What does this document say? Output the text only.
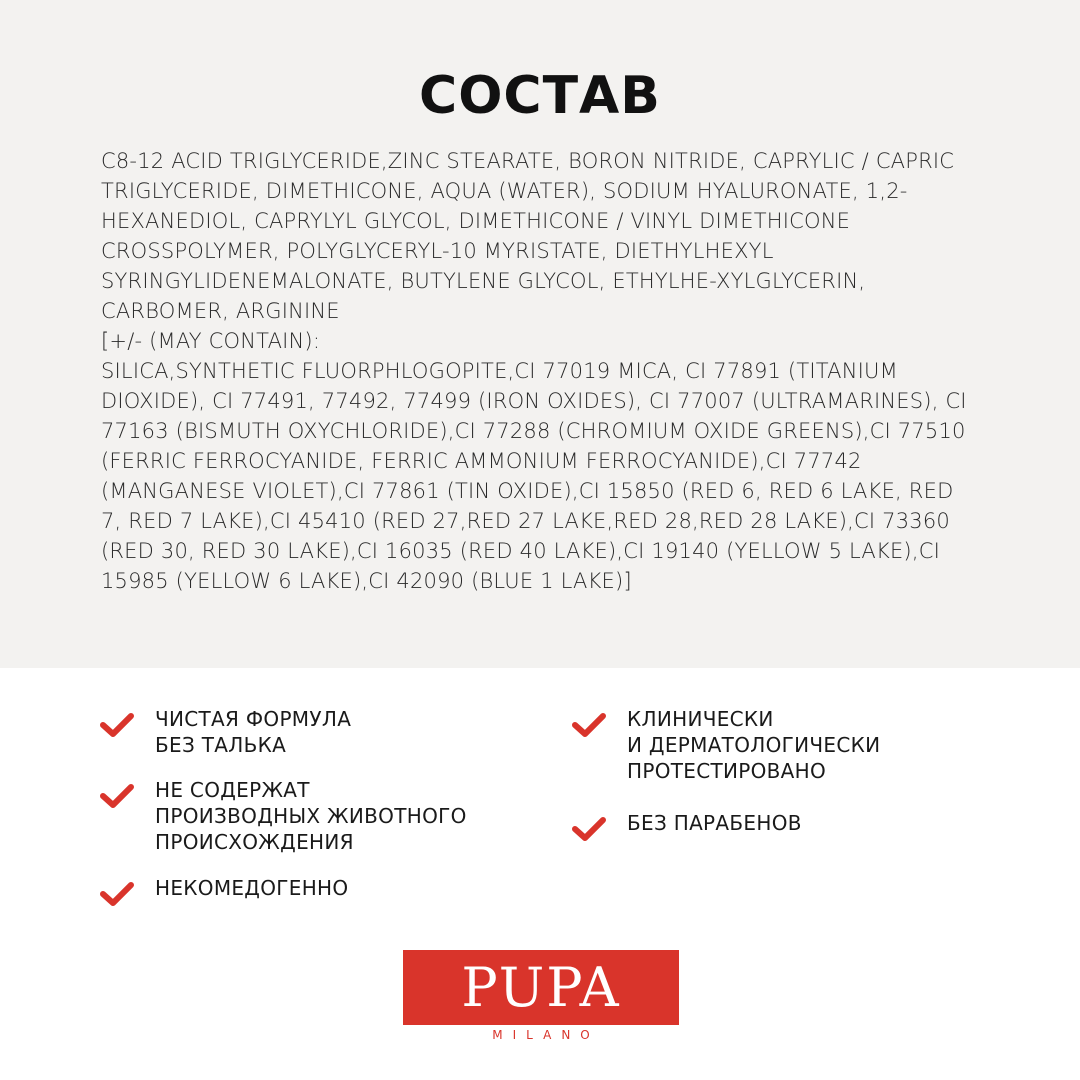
СОСТАВ

C8-12 ACID TRIGLYCERIDE,ZINC STEARATE, BORON NITRIDE, CAPRYLIC / CAPRIC TRIGLYCERIDE, DIMETHICONE, AQUA (WATER), SODIUM HYALURONATE, 1,2-HEXANEDIOL, CAPRYLYL GLYCOL, DIMETHICONE / VINYL DIMETHICONE CROSSPOLYMER, POLYGLYCERYL-10 MYRISTATE, DIETHYLHEXYL SYRINGYLIDENEMALONATE, BUTYLENE GLYCOL, ETHYLHE-XYLGLYCERIN, CARBOMER, ARGININE

[+/- (MAY CONTAIN):

SILICA,SYNTHETIC FLUORPHLOGOPITE,CI 77019 MICA, CI 77891 (TITANIUM DIOXIDE), CI 77491, 77492, 77499 (IRON OXIDES), CI 77007 (ULTRAMARINES), CI 77163 (BISMUTH OXYCHLORIDE),CI 77288 (CHROMIUM OXIDE GREENS),CI 77510 (FERRIC FERROCYANIDE, FERRIC AMMONIUM FERROCYANIDE),CI 77742 (MANGANESE VIOLET),CI 77861 (TIN OXIDE),CI 15850 (RED 6, RED 6 LAKE, RED 7, RED 7 LAKE),CI 45410 (RED 27,RED 27 LAKE,RED 28,RED 28 LAKE),CI 73360 (RED 30, RED 30 LAKE),CI 16035 (RED 40 LAKE),CI 19140 (YELLOW 5 LAKE),CI 15985 (YELLOW 6 LAKE),CI 42090 (BLUE 1 LAKE)]

ЧИСТАЯ ФОРМУЛА
БЕЗ ТАЛЬКА
НЕ СОДЕРЖАТ
ПРОИЗВОДНЫХ ЖИВОТНОГО
ПРОИСХОЖДЕНИЯ
НЕКОМЕДОГЕННО
КЛИНИЧЕСКИ
И ДЕРМАТОЛОГИЧЕСКИ
ПРОТЕСТИРОВАНО
БЕЗ ПАРАБЕНОВ
PUPA
MILANO
